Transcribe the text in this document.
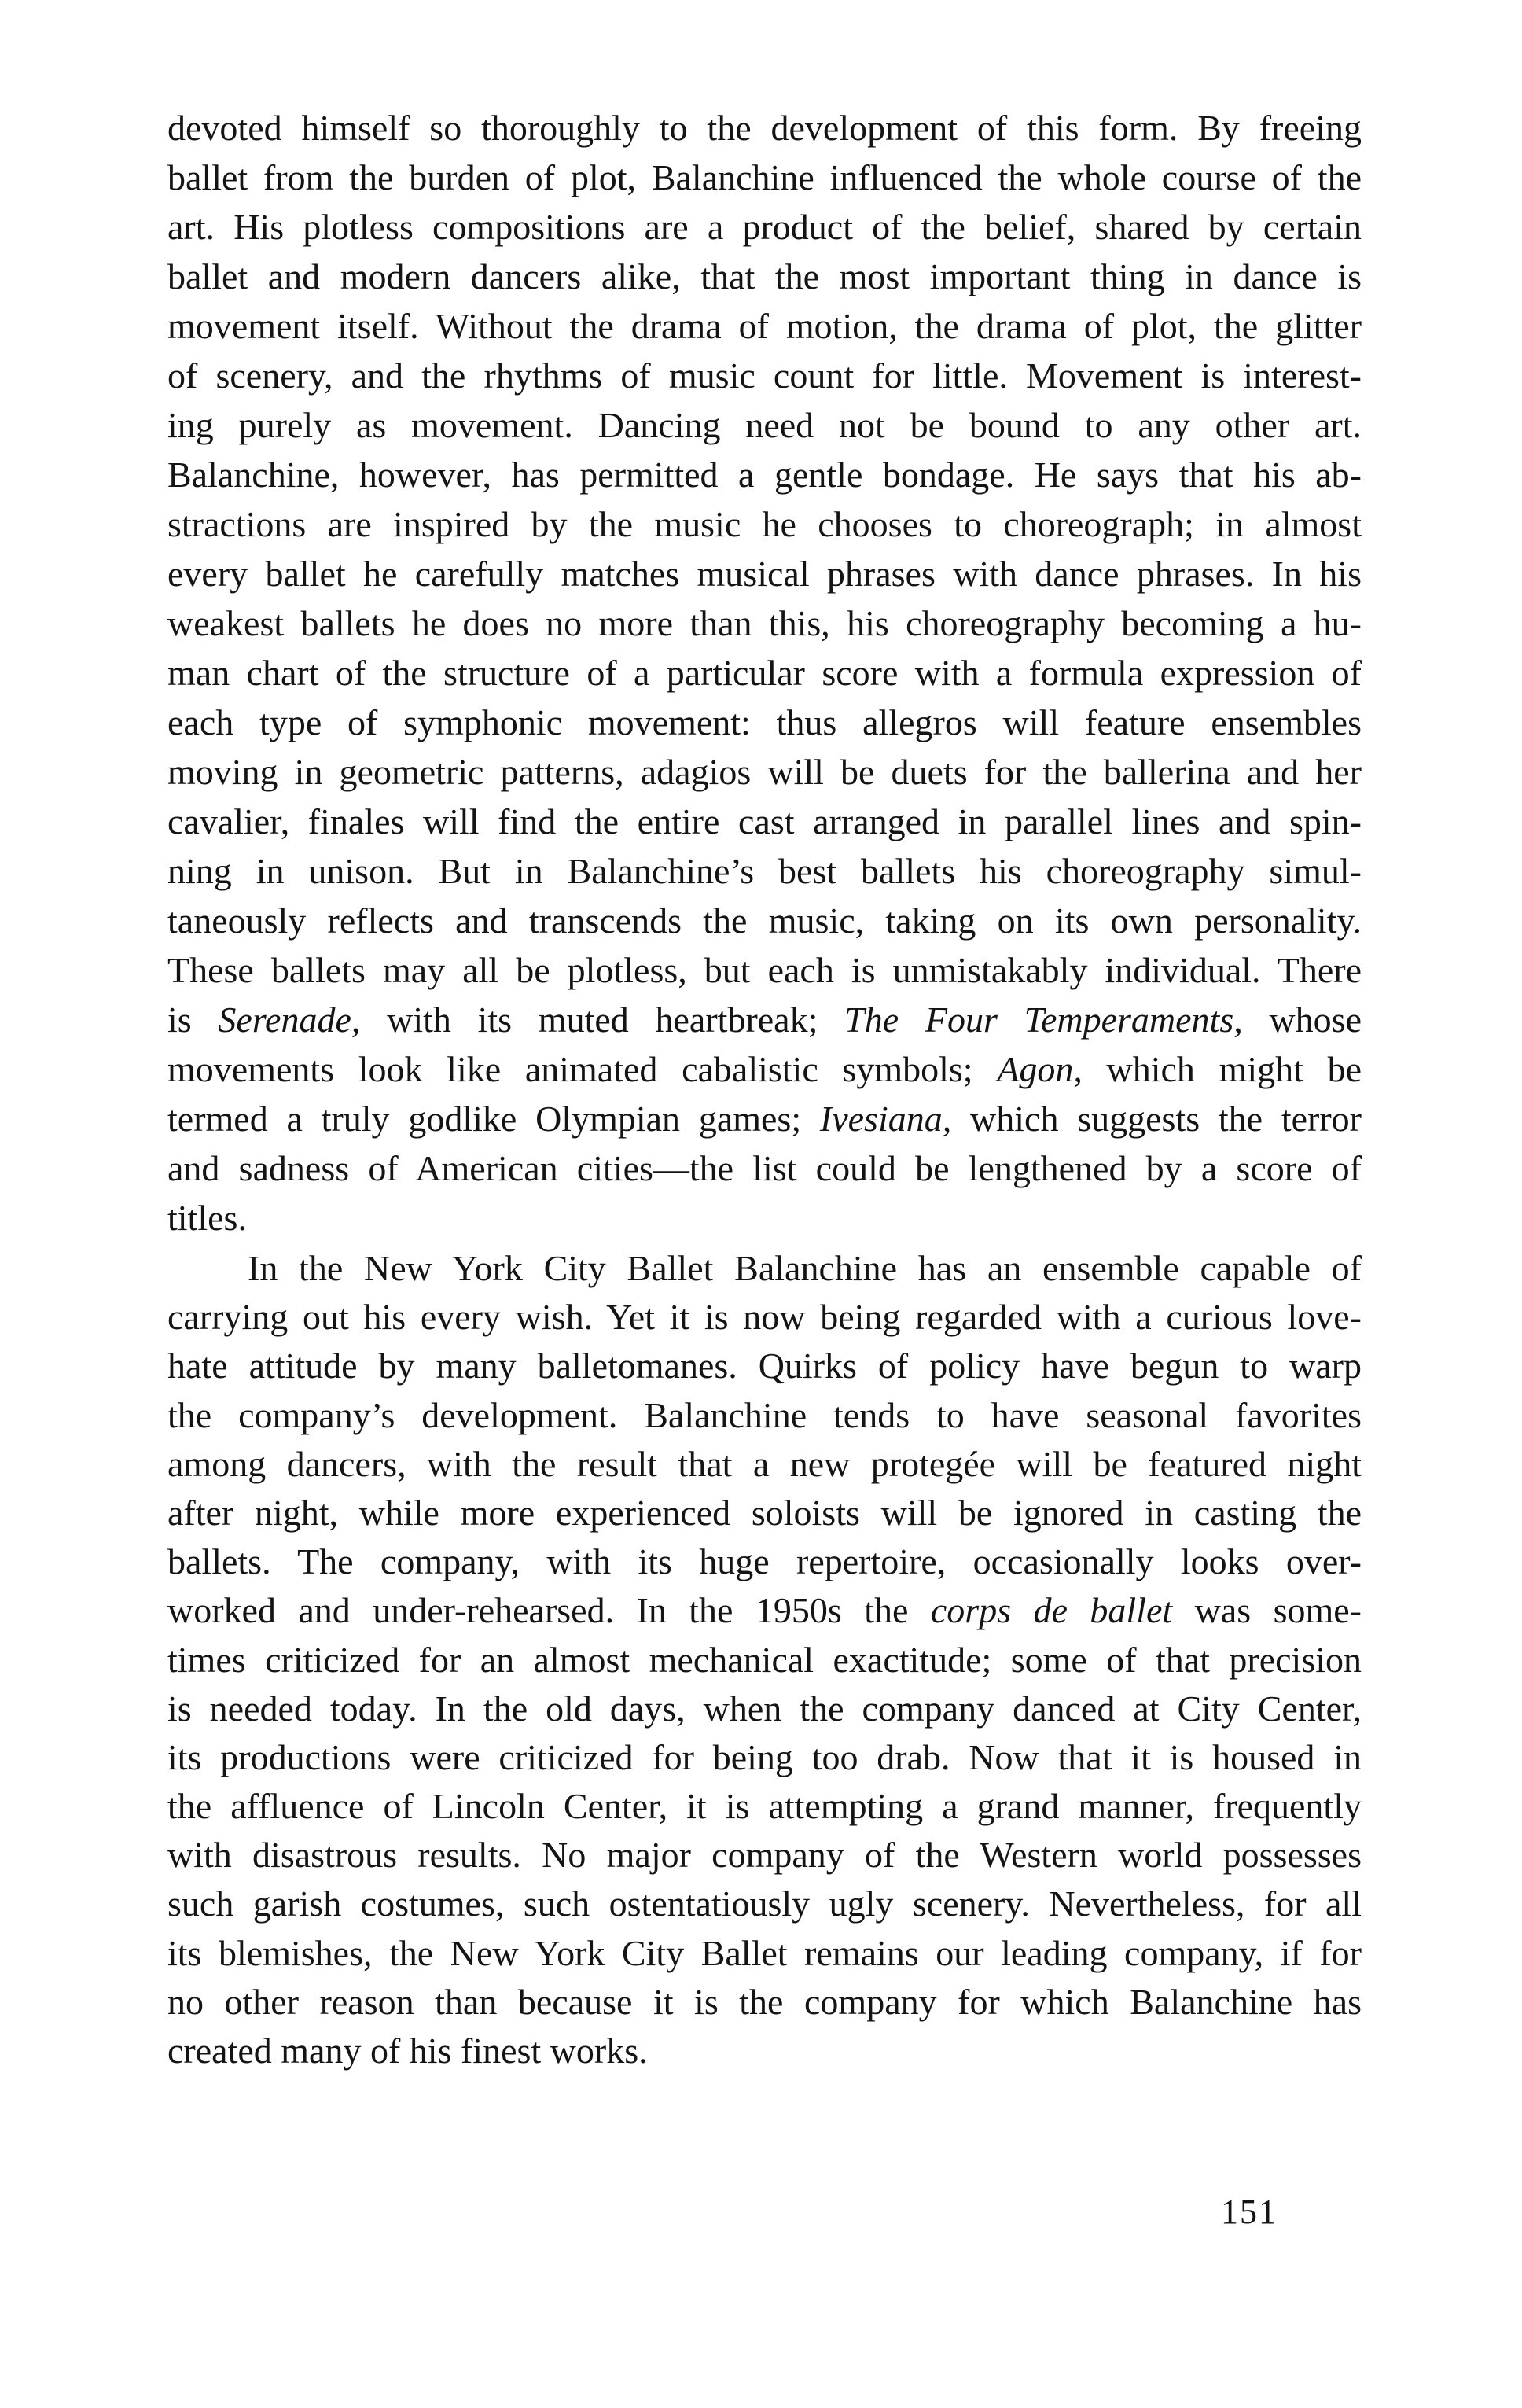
devoted himself so thoroughly to the development of this form. By freeing
ballet from the burden of plot, Balanchine influenced the whole course of the
art. His plotless compositions are a product of the belief, shared by certain
ballet and modern dancers alike, that the most important thing in dance is
movement itself. Without the drama of motion, the drama of plot, the glitter
of scenery, and the rhythms of music count for little. Movement is interest-
ing purely as movement. Dancing need not be bound to any other art.
Balanchine, however, has permitted a gentle bondage. He says that his ab-
stractions are inspired by the music he chooses to choreograph; in almost
every ballet he carefully matches musical phrases with dance phrases. In his
weakest ballets he does no more than this, his choreography becoming a hu-
man chart of the structure of a particular score with a formula expression of
each type of symphonic movement: thus allegros will feature ensembles
moving in geometric patterns, adagios will be duets for the ballerina and her
cavalier, finales will find the entire cast arranged in parallel lines and spin-
ning in unison. But in Balanchine’s best ballets his choreography simul-
taneously reflects and transcends the music, taking on its own personality.
These ballets may all be plotless, but each is unmistakably individual. There
is Serenade, with its muted heartbreak; The Four Temperaments, whose
movements look like animated cabalistic symbols; Agon, which might be
termed a truly godlike Olympian games; Ivesiana, which suggests the terror
and sadness of American cities—the list could be lengthened by a score of
titles.
In the New York City Ballet Balanchine has an ensemble capable of
carrying out his every wish. Yet it is now being regarded with a curious love-
hate attitude by many balletomanes. Quirks of policy have begun to warp
the company’s development. Balanchine tends to have seasonal favorites
among dancers, with the result that a new protegée will be featured night
after night, while more experienced soloists will be ignored in casting the
ballets. The company, with its huge repertoire, occasionally looks over-
worked and under-rehearsed. In the 1950s the corps de ballet was some-
times criticized for an almost mechanical exactitude; some of that precision
is needed today. In the old days, when the company danced at City Center,
its productions were criticized for being too drab. Now that it is housed in
the affluence of Lincoln Center, it is attempting a grand manner, frequently
with disastrous results. No major company of the Western world possesses
such garish costumes, such ostentatiously ugly scenery. Nevertheless, for all
its blemishes, the New York City Ballet remains our leading company, if for
no other reason than because it is the company for which Balanchine has
created many of his finest works.
151
